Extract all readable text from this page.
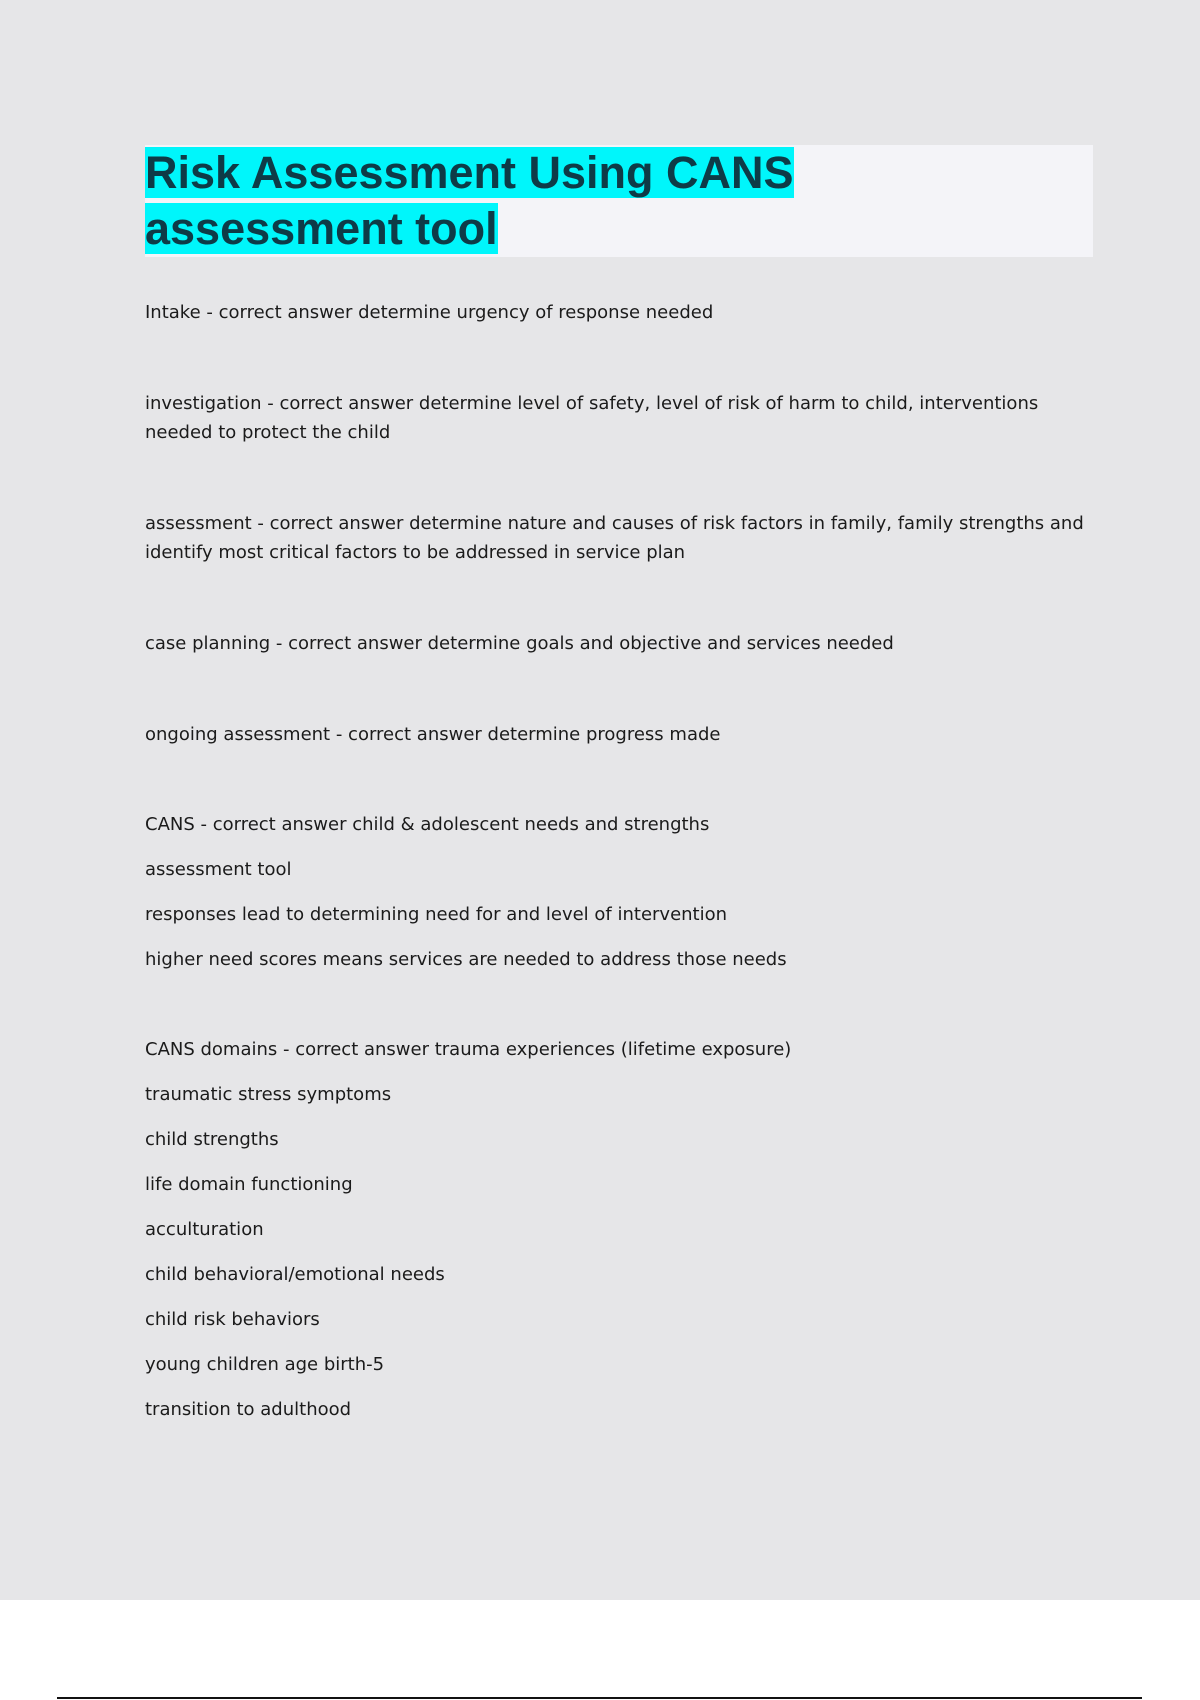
Risk Assessment Using CANS assessment tool

Intake - correct answer determine urgency of response needed

investigation - correct answer determine level of safety, level of risk of harm to child, interventions needed to protect the child

assessment - correct answer determine nature and causes of risk factors in family, family strengths and identify most critical factors to be addressed in service plan

case planning - correct answer determine goals and objective and services needed

ongoing assessment - correct answer determine progress made

CANS - correct answer child & adolescent needs and strengths

assessment tool

responses lead to determining need for and level of intervention

higher need scores means services are needed to address those needs

CANS domains - correct answer trauma experiences (lifetime exposure)

traumatic stress symptoms

child strengths

life domain functioning

acculturation

child behavioral/emotional needs

child risk behaviors

young children age birth-5

transition to adulthood
